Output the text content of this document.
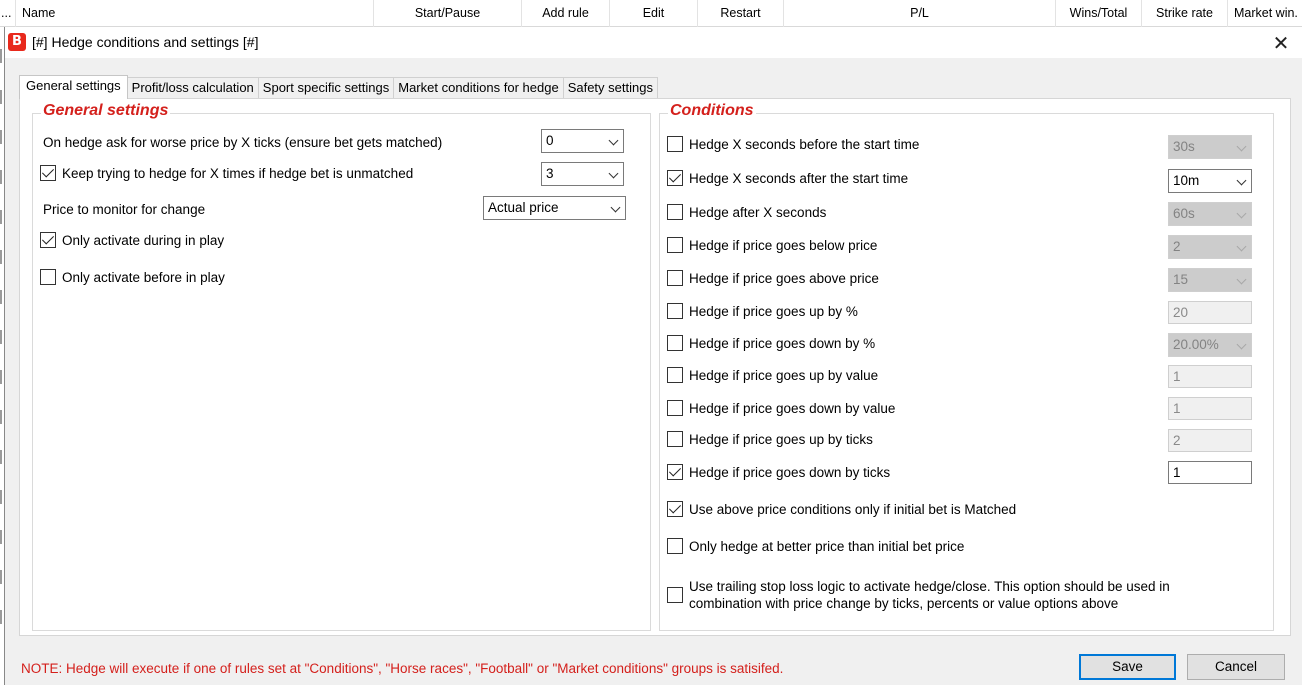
... Name	Start/Pause	Add rule	Edit	Restart	P/L	Wins/Total	Strike rate	Market win.
B [#] Hedge conditions and settings [#]	✕
General settings Profit/loss calculation Sport specific settings Market conditions for hedge Safety settings
General settings
On hedge ask for worse price by X ticks (ensure bet gets matched)	0
Keep trying to hedge for X times if hedge bet is unmatched	3
Price to monitor for change	Actual price
Only activate during in play
Only activate before in play
Conditions
Hedge X seconds before the start time	30s
Hedge X seconds after the start time	10m
Hedge after X seconds	60s
Hedge if price goes below price	2
Hedge if price goes above price	15
Hedge if price goes up by %	20
Hedge if price goes down by %	20.00%
Hedge if price goes up by value	1
Hedge if price goes down by value	1
Hedge if price goes up by ticks	2
Hedge if price goes down by ticks	1
Use above price conditions only if initial bet is Matched
Only hedge at better price than initial bet price
Use trailing stop loss logic to activate hedge/close. This option should be used in
combination with price change by ticks, percents or value options above
NOTE: Hedge will execute if one of rules set at "Conditions", "Horse races", "Football" or "Market conditions" groups is satisifed.	Save	Cancel
